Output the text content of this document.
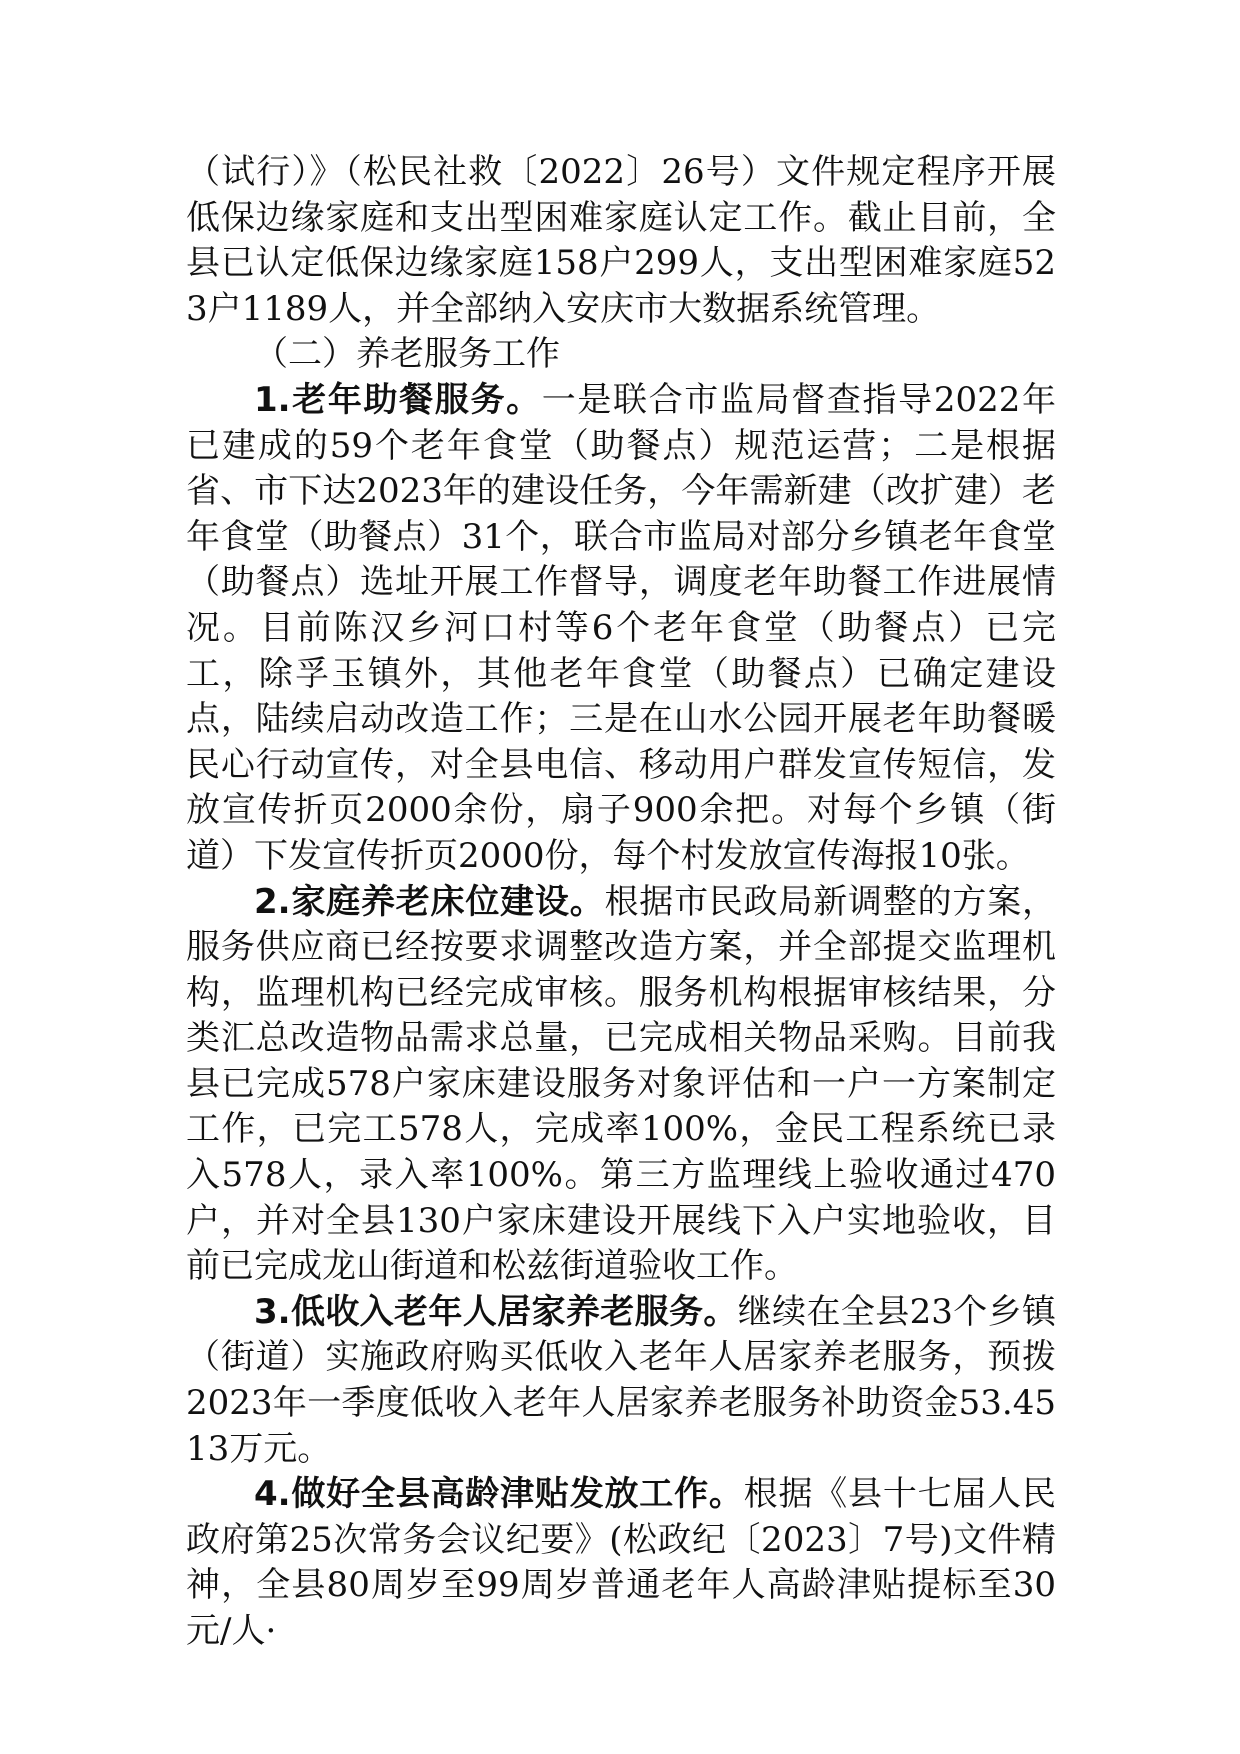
（试行）》（松民社救〔2022〕26号）文件规定程序开展低保边缘家庭和支出型困难家庭认定工作。截止目前，全县已认定低保边缘家庭158户299人，支出型困难家庭523户1189人，并全部纳入安庆市大数据系统管理。

（二）养老服务工作

1.老年助餐服务。一是联合市监局督查指导2022年已建成的59个老年食堂（助餐点）规范运营；二是根据省、市下达2023年的建设任务，今年需新建（改扩建）老年食堂（助餐点）31个，联合市监局对部分乡镇老年食堂（助餐点）选址开展工作督导，调度老年助餐工作进展情况。目前陈汉乡河口村等6个老年食堂（助餐点）已完工，除孚玉镇外，其他老年食堂（助餐点）已确定建设点，陆续启动改造工作；三是在山水公园开展老年助餐暖民心行动宣传，对全县电信、移动用户群发宣传短信，发放宣传折页2000余份，扇子900余把。对每个乡镇（街道）下发宣传折页2000份，每个村发放宣传海报10张。

2.家庭养老床位建设。根据市民政局新调整的方案，服务供应商已经按要求调整改造方案，并全部提交监理机构，监理机构已经完成审核。服务机构根据审核结果，分类汇总改造物品需求总量，已完成相关物品采购。目前我县已完成578户家床建设服务对象评估和一户一方案制定工作，已完工578人，完成率100%，金民工程系统已录入578人，录入率100%。第三方监理线上验收通过470户，并对全县130户家床建设开展线下入户实地验收，目前已完成龙山街道和松兹街道验收工作。

3.低收入老年人居家养老服务。继续在全县23个乡镇（街道）实施政府购买低收入老年人居家养老服务，预拨2023年一季度低收入老年人居家养老服务补助资金53.4513万元。

4.做好全县高龄津贴发放工作。根据《县十七届人民政府第25次常务会议纪要》(松政纪〔2023〕7号)文件精神，全县80周岁至99周岁普通老年人高龄津贴提标至30元/人·
